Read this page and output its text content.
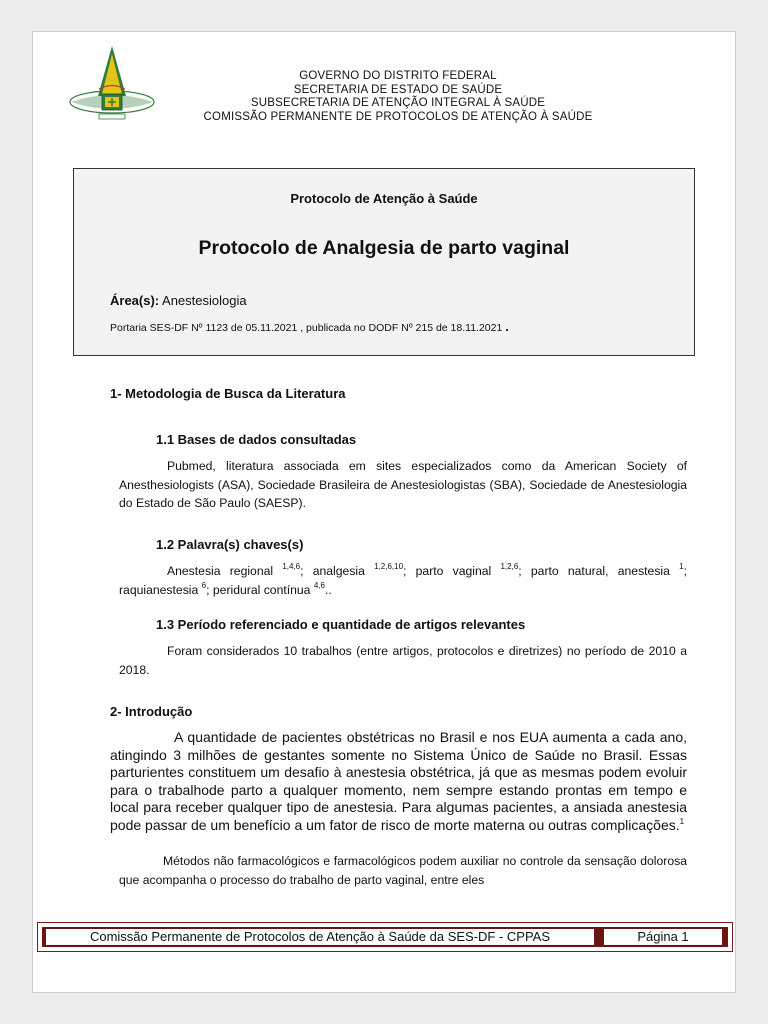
GOVERNO DO DISTRITO FEDERAL
SECRETARIA DE ESTADO DE SAÚDE
SUBSECRETARIA DE ATENÇÃO INTEGRAL À SAÚDE
COMISSÃO PERMANENTE DE PROTOCOLOS DE ATENÇÃO À SAÚDE
Protocolo de Atenção à Saúde
Protocolo de Analgesia de parto vaginal
Área(s): Anestesiologia
Portaria SES-DF Nº 1123 de 05.11.2021 , publicada no DODF Nº 215 de 18.11.2021 .
1- Metodologia de Busca da Literatura
1.1 Bases de dados consultadas
Pubmed, literatura associada em sites especializados como da American Society of Anesthesiologists (ASA), Sociedade Brasileira de Anestesiologistas (SBA), Sociedade de Anestesiologia do Estado de São Paulo (SAESP).
1.2 Palavra(s) chaves(s)
Anestesia regional $^{1,4,6}$; analgesia $^{1,2,6,10}$; parto vaginal $^{1,2,6}$; parto natural, anestesia $^1$; raquianestesia $^6$; peridural contínua $^{4,6}$..
1.3 Período referenciado e quantidade de artigos relevantes
Foram considerados 10 trabalhos (entre artigos, protocolos e diretrizes) no período de 2010 a 2018.
2- Introdução
A quantidade de pacientes obstétricas no Brasil e nos EUA aumenta a cada ano, atingindo 3 milhões de gestantes somente no Sistema Único de Saúde no Brasil. Essas parturientes constituem um desafio à anestesia obstétrica, já que as mesmas podem evoluir para o trabalhode parto a qualquer momento, nem sempre estando prontas em tempo e local para receber qualquer tipo de anestesia. Para algumas pacientes, a ansiada anestesia pode passar de um benefício a um fator de risco de morte materna ou outras complicações.$^1$
Métodos não farmacológicos e farmacológicos podem auxiliar no controle da sensação dolorosa que acompanha o processo do trabalho de parto vaginal, entre eles
Comissão Permanente de Protocolos de Atenção à Saúde da SES-DF - CPPAS	Página 1
